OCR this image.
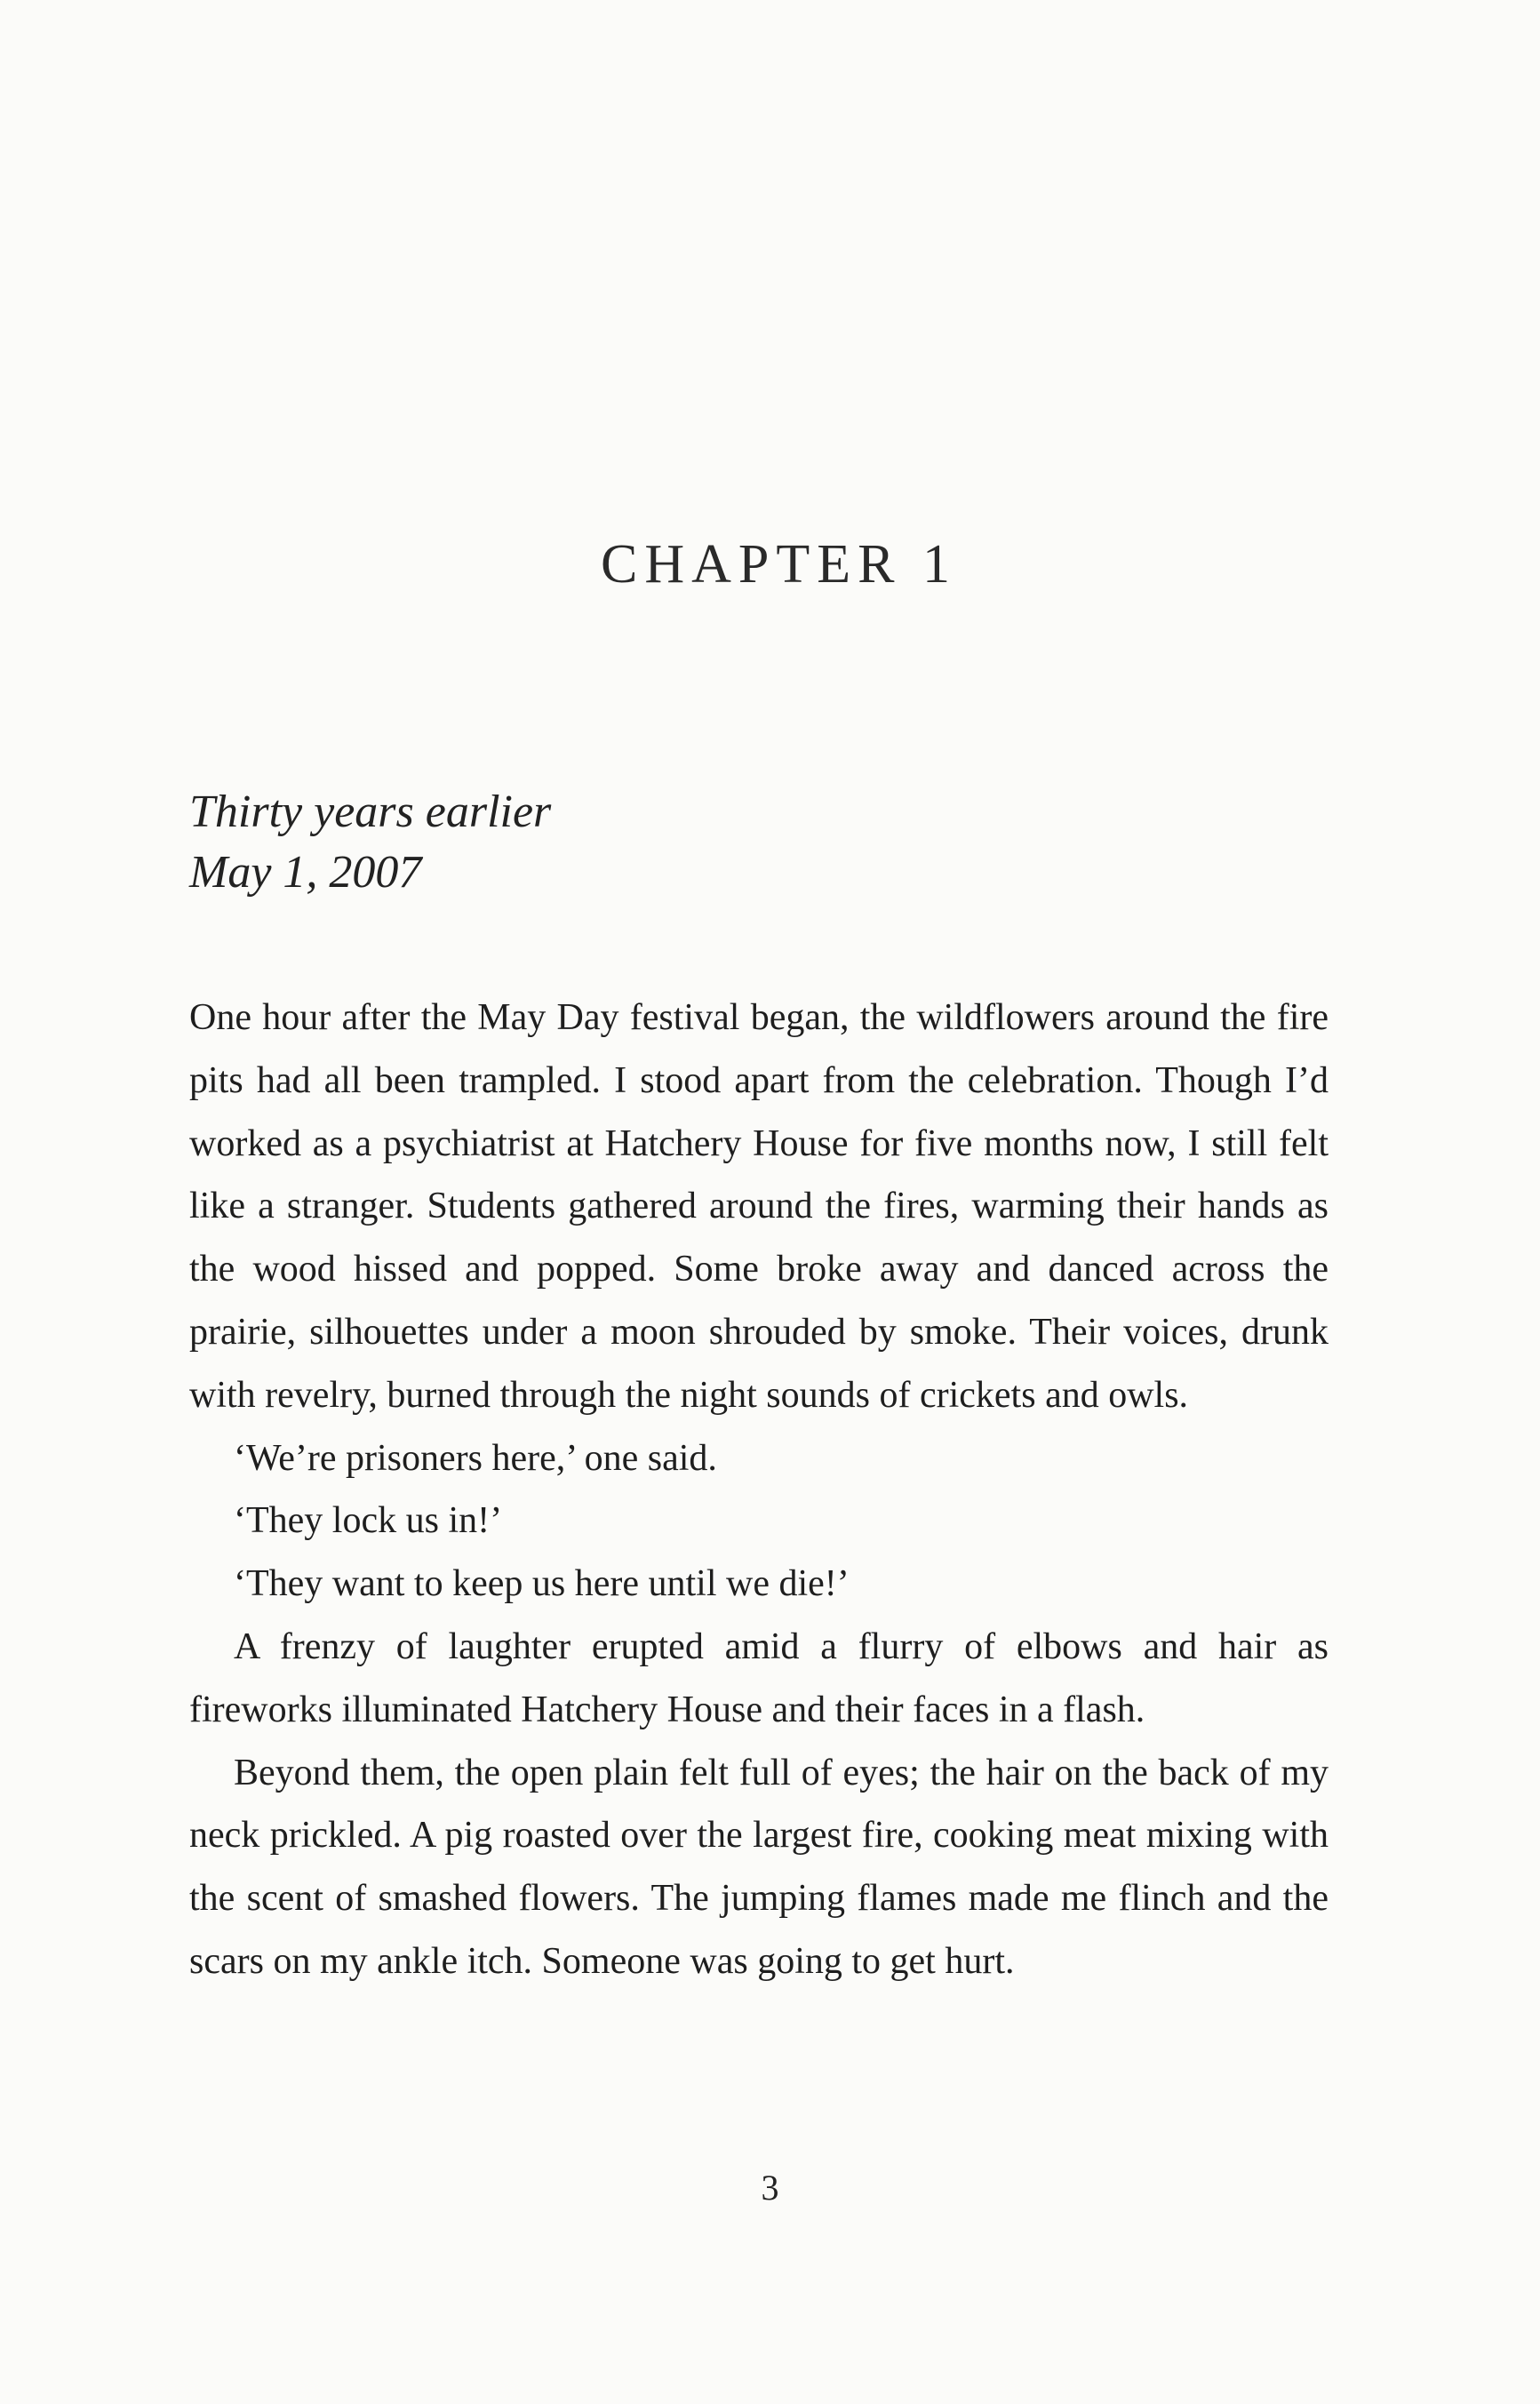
CHAPTER 1
Thirty years earlier
May 1, 2007

One hour after the May Day festival began, the wildflowers around the fire pits had all been trampled. I stood apart from the celebration. Though I’d worked as a psychiatrist at Hatchery House for five months now, I still felt like a stranger. Students gathered around the fires, warming their hands as the wood hissed and popped. Some broke away and danced across the prairie, silhouettes under a moon shrouded by smoke. Their voices, drunk with revelry, burned through the night sounds of crickets and owls.

‘We’re prisoners here,’ one said.

‘They lock us in!’

‘They want to keep us here until we die!’

A frenzy of laughter erupted amid a flurry of elbows and hair as fireworks illuminated Hatchery House and their faces in a flash.

Beyond them, the open plain felt full of eyes; the hair on the back of my neck prickled. A pig roasted over the largest fire, cooking meat mixing with the scent of smashed flowers. The jumping flames made me flinch and the scars on my ankle itch. Someone was going to get hurt.

3
